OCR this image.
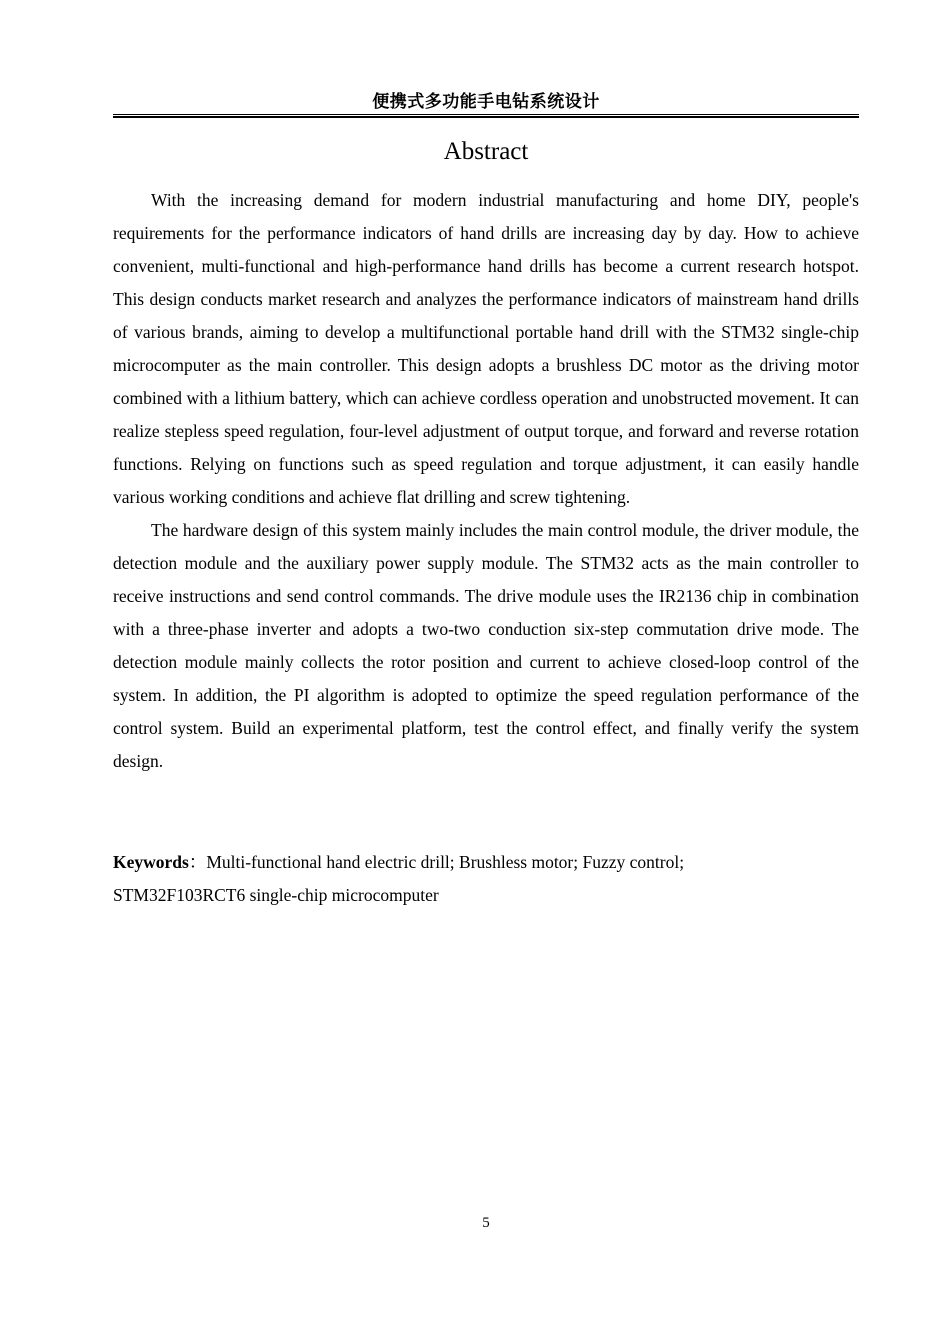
便携式多功能手电钻系统设计
Abstract

With the increasing demand for modern industrial manufacturing and home DIY, people's requirements for the performance indicators of hand drills are increasing day by day. How to achieve convenient, multi-functional and high-performance hand drills has become a current research hotspot. This design conducts market research and analyzes the performance indicators of mainstream hand drills of various brands, aiming to develop a multifunctional portable hand drill with the STM32 single-chip microcomputer as the main controller. This design adopts a brushless DC motor as the driving motor combined with a lithium battery, which can achieve cordless operation and unobstructed movement. It can realize stepless speed regulation, four-level adjustment of output torque, and forward and reverse rotation functions. Relying on functions such as speed regulation and torque adjustment, it can easily handle various working conditions and achieve flat drilling and screw tightening.

The hardware design of this system mainly includes the main control module, the driver module, the detection module and the auxiliary power supply module. The STM32 acts as the main controller to receive instructions and send control commands. The drive module uses the IR2136 chip in combination with a three-phase inverter and adopts a two-two conduction six-step commutation drive mode. The detection module mainly collects the rotor position and current to achieve closed-loop control of the system. In addition, the PI algorithm is adopted to optimize the speed regulation performance of the control system. Build an experimental platform, test the control effect, and finally verify the system design.

Keywords：Multi-functional hand electric drill; Brushless motor; Fuzzy control;
STM32F103RCT6 single-chip microcomputer
5
